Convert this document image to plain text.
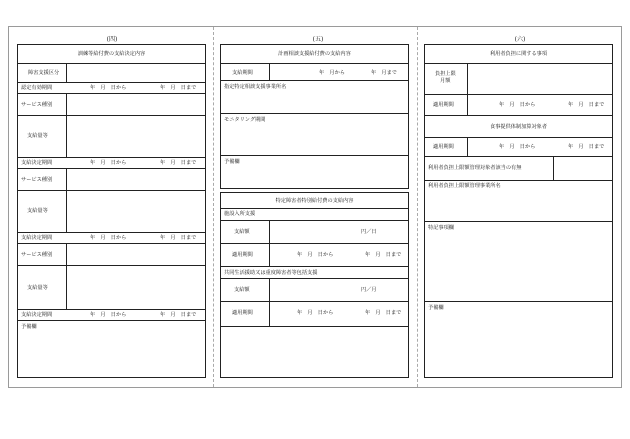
(四)	(五)	(六)
訓練等給付費の支給決定内容
障害支援区分
認定有効期間	年　月　日から	年　月　日まで
サービス種別
支給量等
支給決定期間	年　月　日から	年　月　日まで
サービス種別
支給量等
支給決定期間	年　月　日から	年　月　日まで
サービス種別
支給量等
支給決定期間	年　月　日から	年　月　日まで
予備欄
計画相談支援給付費の支給内容
支給期間	年　月から	年　月まで
指定特定相談支援事業所名
モニタリング期間
予備欄
特定障害者特別給付費の支給内容
施設入所支援
支給額	円／日
適用期間	年　月　日から	年　月　日まで
共同生活援助又は重度障害者等包括支援
支給額	円／月
適用期間	年　月　日から	年　月　日まで
利用者負担に関する事項
負担上限
月額
適用期間	年　月　日から	年　月　日まで
食事提供体制加算対象者
適用期間	年　月　日から	年　月　日まで
利用者負担上限額管理対象者該当の有無
利用者負担上限額管理事業所名
特記事項欄
予備欄
